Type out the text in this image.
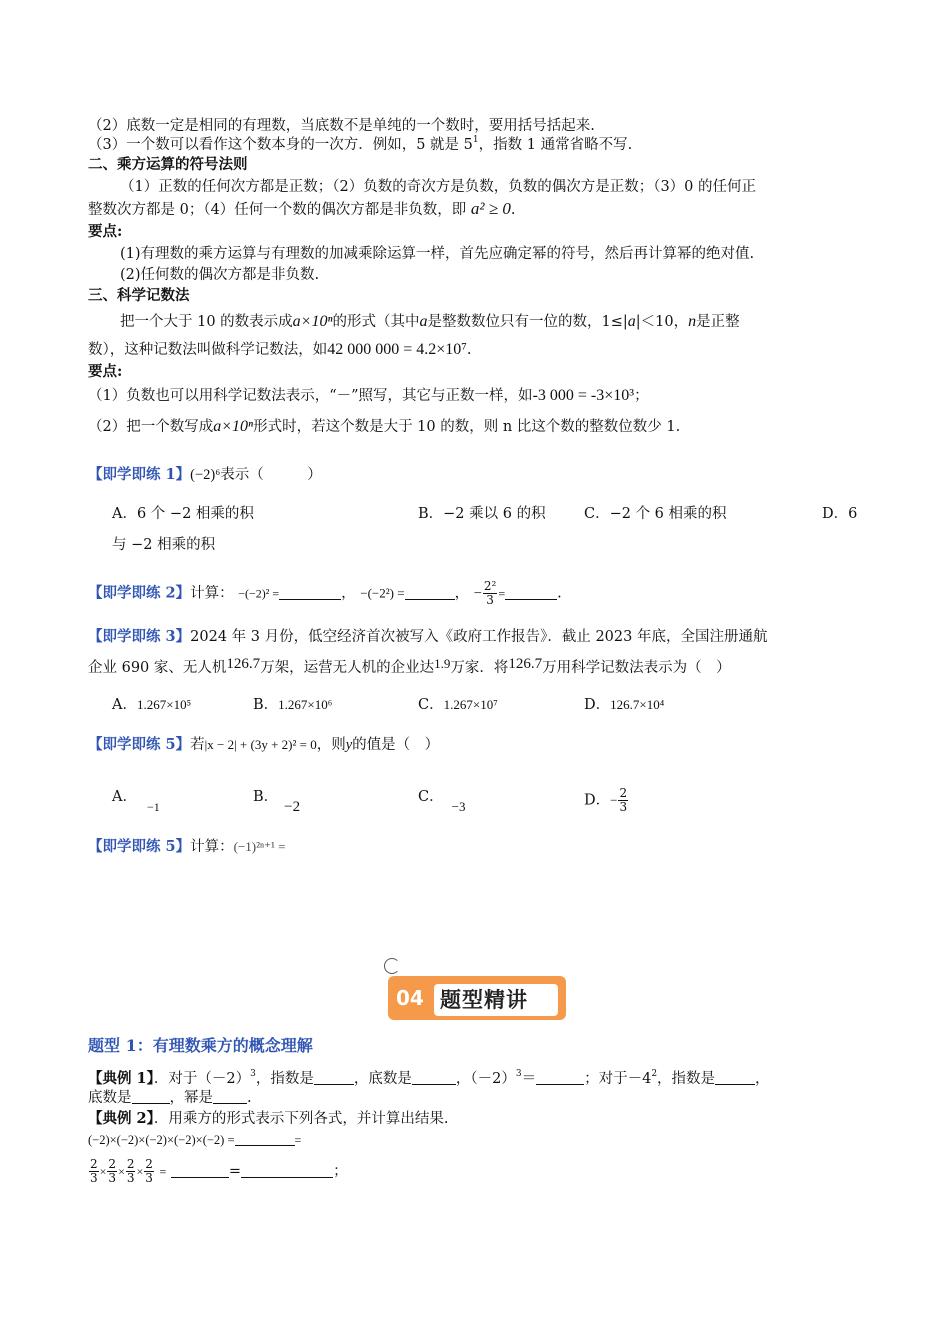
（2）底数一定是相同的有理数，当底数不是单纯的一个数时，要用括号括起来.
（3）一个数可以看作这个数本身的一次方．例如，5 就是 $5^1$，指数 1 通常省略不写.
二、乘方运算的符号法则
（1）正数的任何次方都是正数；（2）负数的奇次方是负数，负数的偶次方是正数；（3）0 的任何正
整数次方都是 0；（4）任何一个数的偶次方都是非负数，即 a² ≥ 0.
要点:
(1)有理数的乘方运算与有理数的加减乘除运算一样，首先应确定幂的符号，然后再计算幂的绝对值.
(2)任何数的偶次方都是非负数.
三、科学记数法
把一个大于 10 的数表示成a×10ⁿ的形式（其中a是整数数位只有一位的数，1≤|a|＜10，n是正整
数），这种记数法叫做科学记数法，如42 000 000 = 4.2×10⁷.
要点:
（1）负数也可以用科学记数法表示，“－”照写，其它与正数一样，如-3 000 = -3×10³；
（2）把一个数写成a×10ⁿ形式时，若这个数是大于 10 的数，则 n 比这个数的整数位数少 1.
【即学即练 1】(−2)⁶表示（　　　）
A．6 个 −2 相乘的积	B．−2 乘以 6 的积	C．−2 个 6 相乘的积	D．6
与 −2 相乘的积
【即学即练 2】计算： −(−2)² =	， −(−2²) =	， − $\frac{\text{2²}}{3}$ =	.
【即学即练 3】2024 年 3 月份，低空经济首次被写入《政府工作报告》．截止 2023 年底，全国注册通航
企业 690 家、无人机126.7万架，运营无人机的企业达1.9万家．将126.7万用科学记数法表示为（　）
A．1.267×10⁵	B．1.267×10⁶	C．1.267×10⁷	D．126.7×10⁴
【即学即练 5】若|x − 2| + (3y + 2)² = 0，则y的值是（　）
A．$_{-1}$
B．−2
C．−3	D．− $\frac{2}{3}$
【即学即练 5】计算：(−1)²ⁿ⁺¹ =
04 题型精讲
题型 1：有理数乘方的概念理解
【典例 1】．对于$(-2)^3$，指数是	，底数是	，$(-2)^3=$	；对于$-4^2$，指数是	，
底数是	，幂是 .
【典例 2】．用乘方的形式表示下列各式，并计算出结果.
(−2)×(−2)×(−2)×(−2)×(−2) =	=
$\frac{2}{3} \times \frac{2}{3} \times \frac{2}{3} \times \frac{2}{3}$ =	=	；
